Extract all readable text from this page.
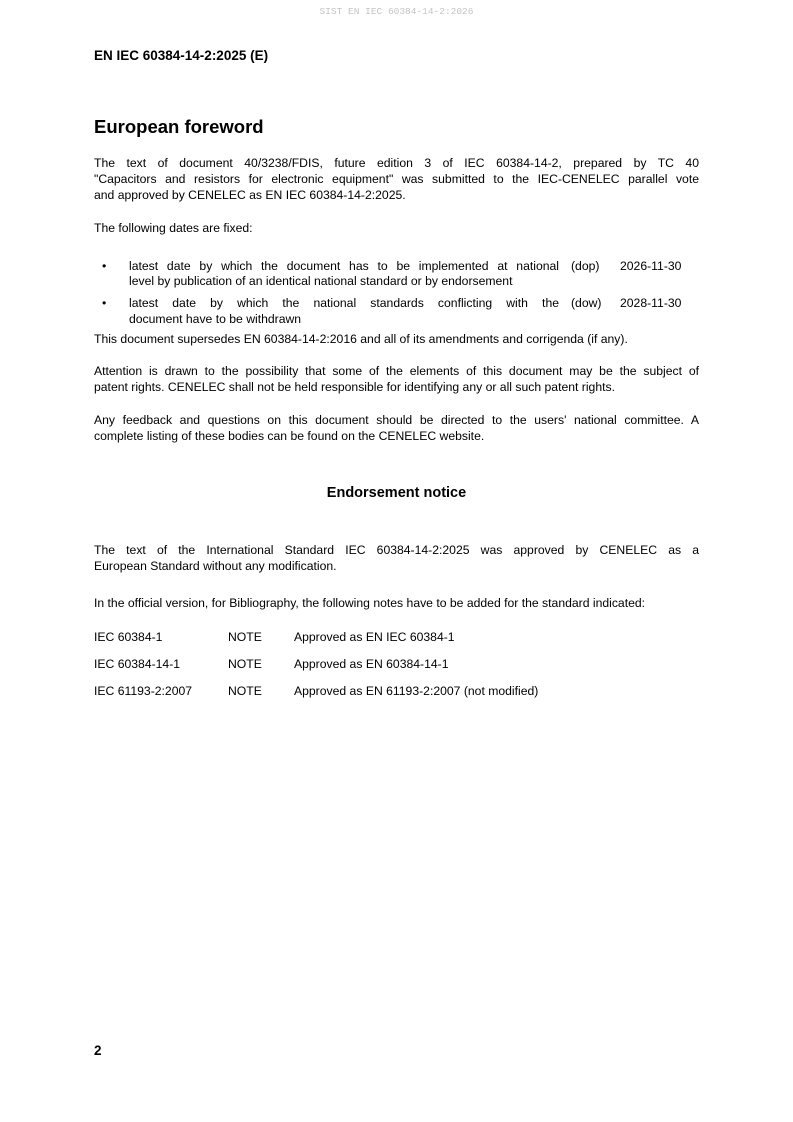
SIST EN IEC 60384-14-2:2026
EN IEC 60384-14-2:2025 (E)
European foreword
The text of document 40/3238/FDIS, future edition 3 of IEC 60384-14-2, prepared by TC 40
"Capacitors and resistors for electronic equipment" was submitted to the IEC-CENELEC parallel vote
and approved by CENELEC as EN IEC 60384-14-2:2025.
The following dates are fixed:
• latest date by which the document has to be implemented at national
level by publication of an identical national standard or by endorsement
(dop) 2026-11-30
• latest date by which the national standards conflicting with the
document have to be withdrawn
(dow) 2028-11-30
This document supersedes EN 60384-14-2:2016 and all of its amendments and corrigenda (if any).
Attention is drawn to the possibility that some of the elements of this document may be the subject of
patent rights. CENELEC shall not be held responsible for identifying any or all such patent rights.
Any feedback and questions on this document should be directed to the users' national committee. A
complete listing of these bodies can be found on the CENELEC website.
Endorsement notice
The text of the International Standard IEC 60384-14-2:2025 was approved by CENELEC as a
European Standard without any modification.
In the official version, for Bibliography, the following notes have to be added for the standard indicated:
IEC 60384-1	NOTE	Approved as EN IEC 60384-1
IEC 60384-14-1	NOTE	Approved as EN 60384-14-1
IEC 61193-2:2007	NOTE	Approved as EN 61193-2:2007 (not modified)
2
